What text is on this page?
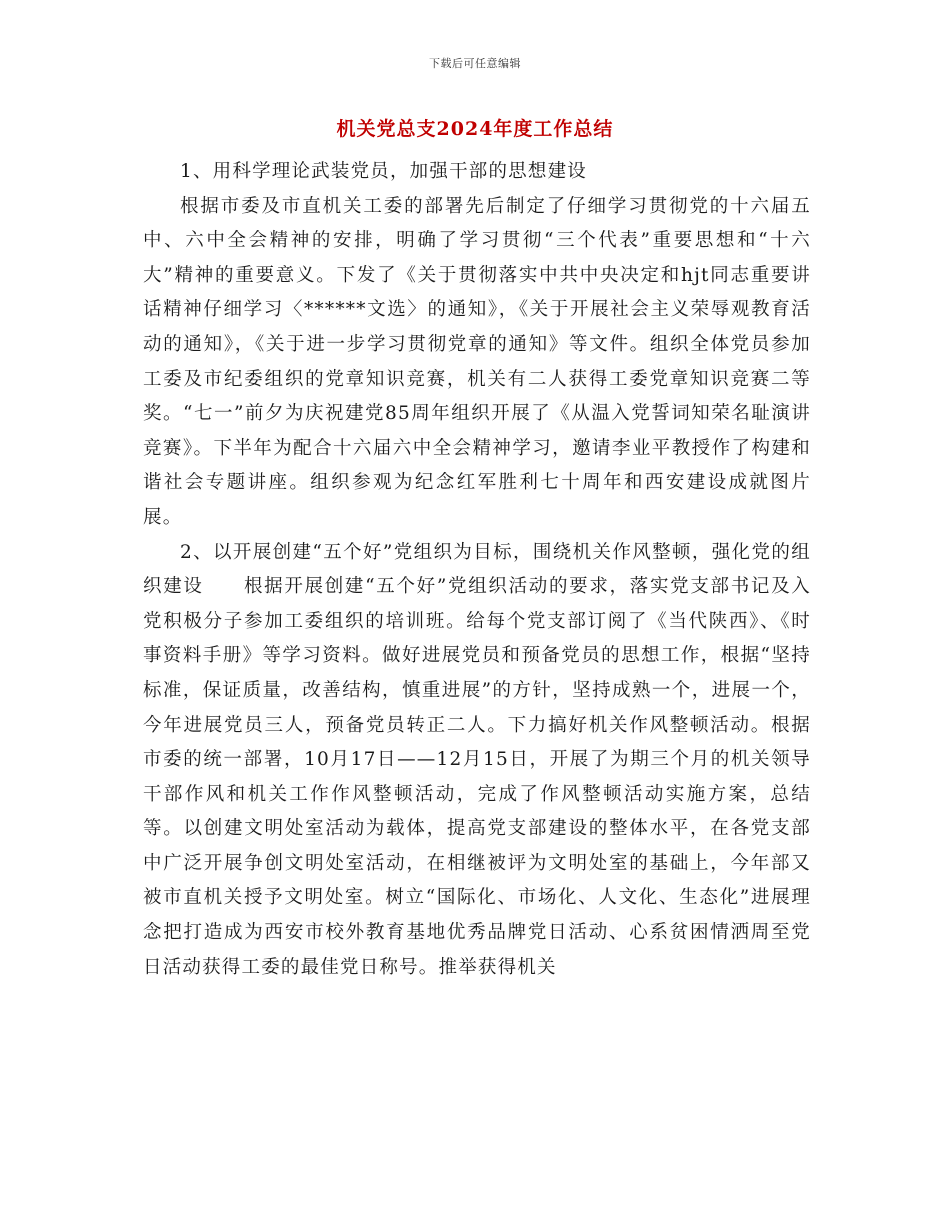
下载后可任意编辑
机关党总支2024年度工作总结

1、用科学理论武装党员，加强干部的思想建设

根据市委及市直机关工委的部署先后制定了仔细学习贯彻党的十六届五中、六中全会精神的安排，明确了学习贯彻“三个代表”重要思想和“十六大”精神的重要意义。下发了《关于贯彻落实中共中央决定和hjt同志重要讲话精神仔细学习〈******文选〉的通知》，《关于开展社会主义荣辱观教育活动的通知》，《关于进一步学习贯彻党章的通知》等文件。组织全体党员参加工委及市纪委组织的党章知识竞赛，机关有二人获得工委党章知识竞赛二等奖。“七一”前夕为庆祝建党85周年组织开展了《从温入党誓词知荣名耻演讲竞赛》。下半年为配合十六届六中全会精神学习，邀请李业平教授作了构建和谐社会专题讲座。组织参观为纪念红军胜利七十周年和西安建设成就图片展。

2、以开展创建“五个好”党组织为目标，围绕机关作风整顿，强化党的组织建设　　根据开展创建“五个好”党组织活动的要求，落实党支部书记及入党积极分子参加工委组织的培训班。给每个党支部订阅了《当代陕西》、《时事资料手册》等学习资料。做好进展党员和预备党员的思想工作，根据“坚持标准，保证质量，改善结构，慎重进展”的方针，坚持成熟一个，进展一个，今年进展党员三人，预备党员转正二人。下力搞好机关作风整顿活动。根据市委的统一部署，10月17日——12月15日，开展了为期三个月的机关领导干部作风和机关工作作风整顿活动，完成了作风整顿活动实施方案，总结等。以创建文明处室活动为载体，提高党支部建设的整体水平，在各党支部中广泛开展争创文明处室活动，在相继被评为文明处室的基础上，今年部又被市直机关授予文明处室。树立“国际化、市场化、人文化、生态化”进展理念把打造成为西安市校外教育基地优秀品牌党日活动、心系贫困情洒周至党日活动获得工委的最佳党日称号。推举获得机关
